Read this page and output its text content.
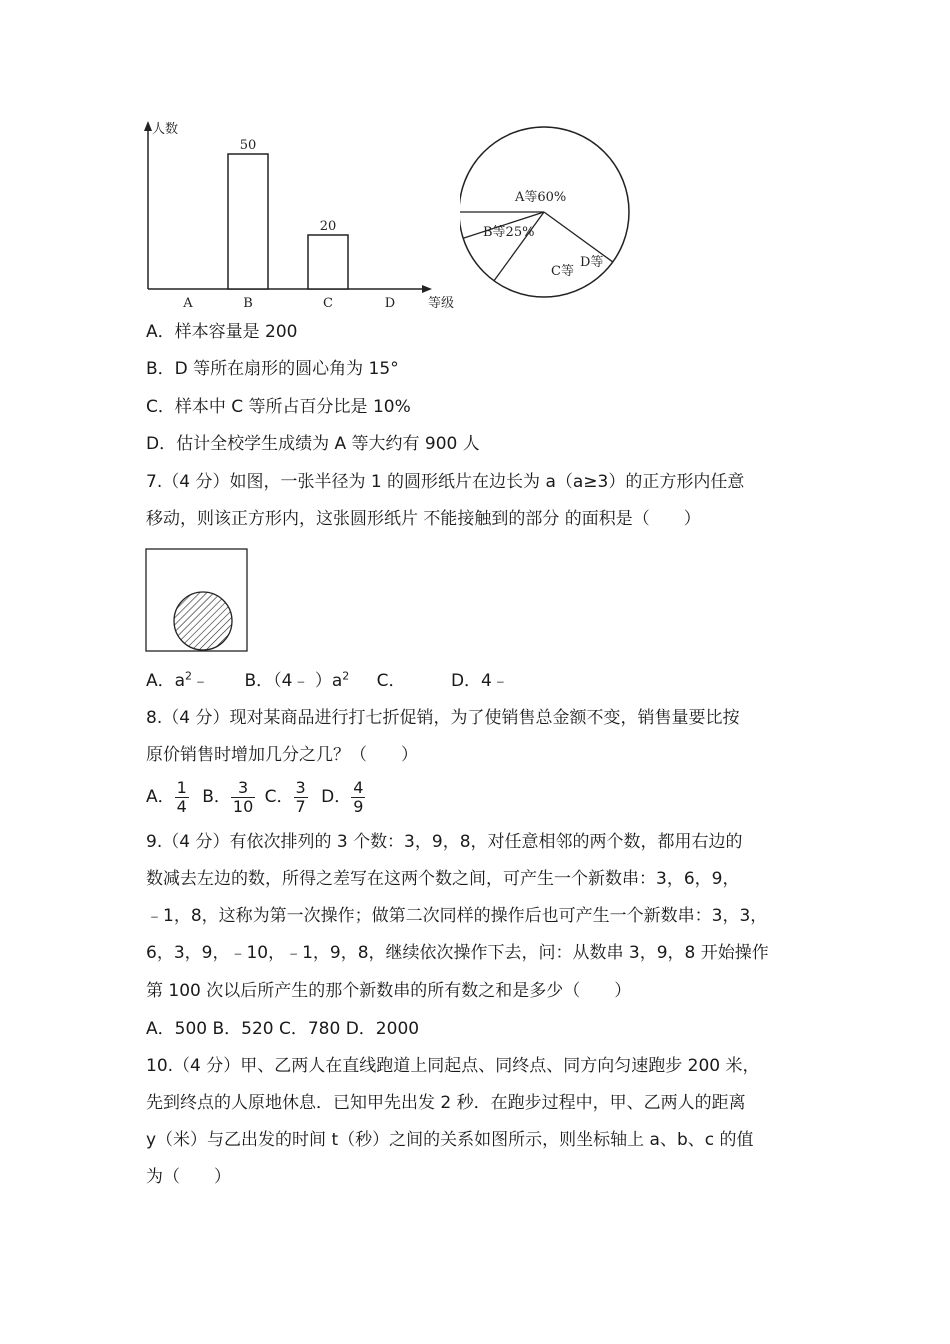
人数
等级
A
50
B
20
C	D
A等60%
B等25%
C等
D等
A．样本容量是 200
B．D 等所在扇形的圆心角为 15°
C．样本中 C 等所占百分比是 10%
D．估计全校学生成绩为 A 等大约有 900 人
7.（4 分）如图，一张半径为 1 的圆形纸片在边长为 a（a≥3）的正方形内任意
移动，则该正方形内，这张圆形纸片 不能接触到的部分 的面积是（　　）
A．$a^2﹣$ B．（4﹣ ）$a^2$ C．	D．4﹣
8.（4 分）现对某商品进行打七折促销，为了使销售总金额不变，销售量要比按
原价销售时增加几分之几？（　　）
A． $\frac{1}{4}$ B． $\frac{3}{10}$ C． $\frac{3}{7}$ D． $\frac{4}{9}$
9.（4 分）有依次排列的 3 个数：3，9，8，对任意相邻的两个数，都用右边的
数减去左边的数，所得之差写在这两个数之间，可产生一个新数串：3，6，9，
﹣1，8，这称为第一次操作；做第二次同样的操作后也可产生一个新数串：3，3，
6，3，9，﹣10，﹣1，9，8，继续依次操作下去，问：从数串 3，9，8 开始操作
第 100 次以后所产生的那个新数串的所有数之和是多少（　　）
A．500 B．520 C．780 D．2000
10.（4 分）甲、乙两人在直线跑道上同起点、同终点、同方向匀速跑步 200 米，
先到终点的人原地休息．已知甲先出发 2 秒．在跑步过程中，甲、乙两人的距离
y（米）与乙出发的时间 t（秒）之间的关系如图所示，则坐标轴上 a、b、c 的值
为（　　）
